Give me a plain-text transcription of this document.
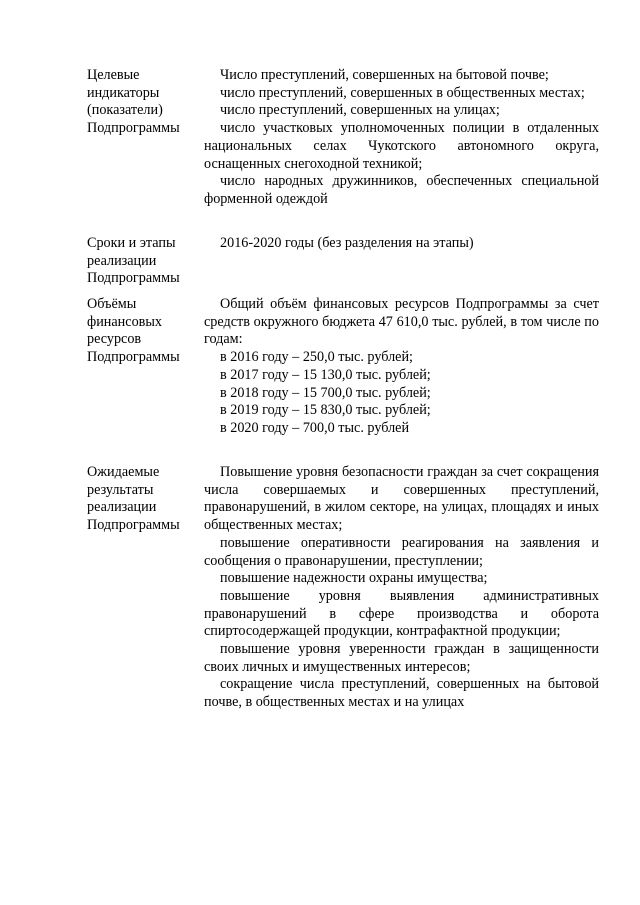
Целевые
индикаторы
(показатели)
Подпрограммы

Число преступлений, совершенных на бытовой почве;

число преступлений, совершенных в общественных местах;

число преступлений, совершенных на улицах;

число участковых уполномоченных полиции в отдаленных национальных селах Чукотского автономного округа, оснащенных снегоходной техникой;

число народных дружинников, обеспеченных специальной форменной одеждой

Сроки и этапы
реализации
Подпрограммы

2016-2020 годы (без разделения на этапы)

Объёмы
финансовых
ресурсов
Подпрограммы

Общий объём финансовых ресурсов Подпрограммы за счет средств окружного бюджета 47 610,0 тыс. рублей, в том числе по годам:

в 2016 году – 250,0 тыс. рублей;
в 2017 году – 15 130,0 тыс. рублей;
в 2018 году – 15 700,0 тыс. рублей;
в 2019 году – 15 830,0 тыс. рублей;
в 2020 году – 700,0 тыс. рублей
Ожидаемые
результаты
реализации
Подпрограммы

Повышение уровня безопасности граждан за счет сокращения числа совершаемых и совершенных преступлений, правонарушений, в жилом секторе, на улицах, площадях и иных общественных местах;

повышение оперативности реагирования на заявления и сообщения о правонарушении, преступлении;

повышение надежности охраны имущества;

повышение уровня выявления административных правонарушений в сфере производства и оборота спиртосодержащей продукции, контрафактной продукции;

повышение уровня уверенности граждан в защищенности своих личных и имущественных интересов;

сокращение числа преступлений, совершенных на бытовой почве, в общественных местах и на улицах
